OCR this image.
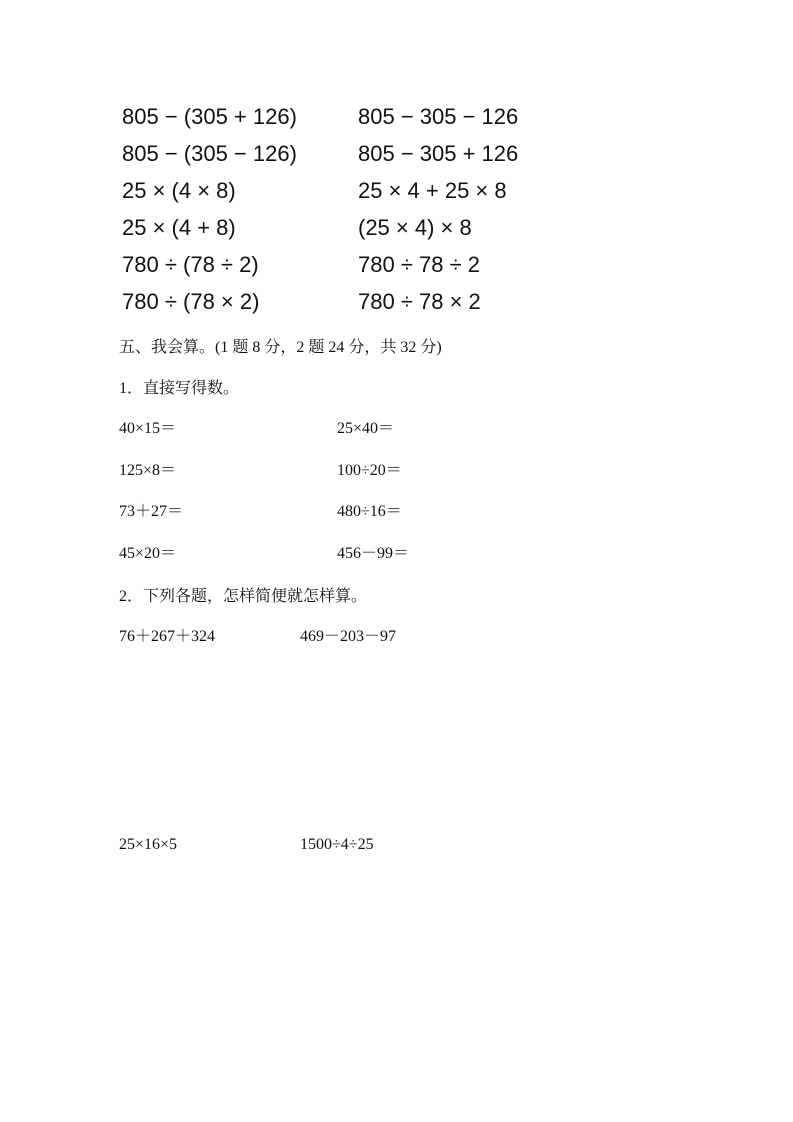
805 − (305 + 126)	805 − 305 − 126
805 − (305 − 126)	805 − 305 + 126
25 × (4 × 8)	25 × 4 + 25 × 8
25 × (4 + 8)	(25 × 4) × 8
780 ÷ (78 ÷ 2)	780 ÷ 78 ÷ 2
780 ÷ (78 × 2)	780 ÷ 78 × 2
五、我会算。(1 题 8 分，2 题 24 分，共 32 分)
1．直接写得数。
40×15＝	25×40＝
125×8＝	100÷20＝
73＋27＝	480÷16＝
45×20＝	456－99＝
2．下列各题，怎样简便就怎样算。
76＋267＋324	469－203－97
25×16×5	1500÷4÷25
